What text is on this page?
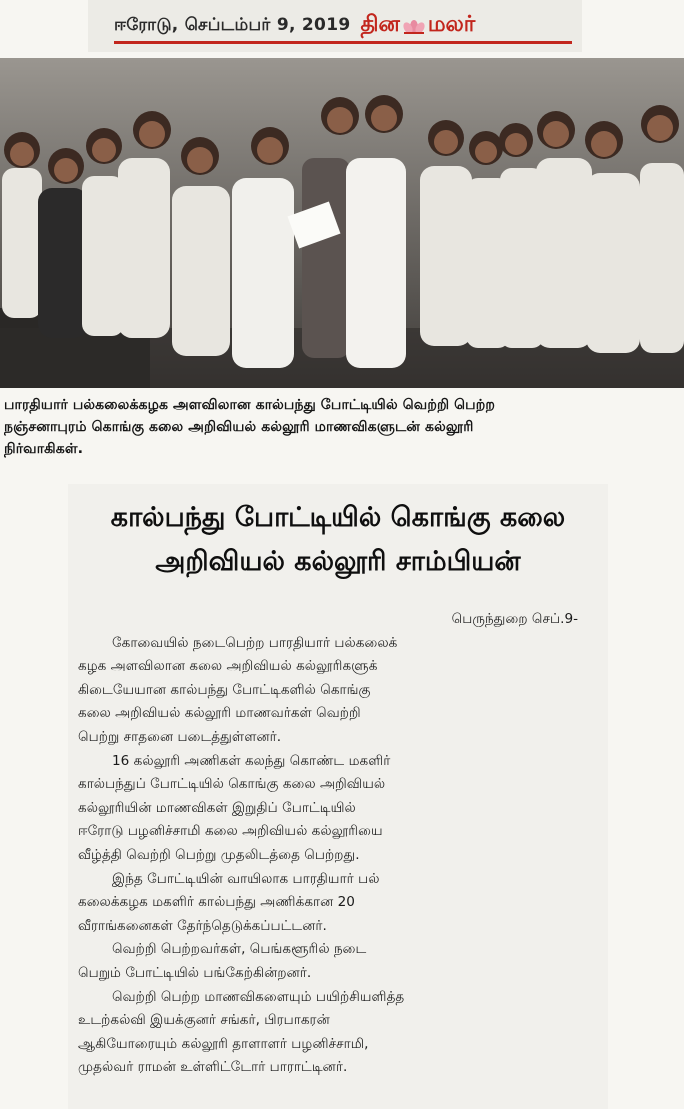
ஈரோடு, செப்டம்பர் 9, 2019 தின மலர்
பாரதியார் பல்கலைக்கழக அளவிலான கால்பந்து போட்டியில் வெற்றி பெற்ற
நஞ்சனாபுரம் கொங்கு கலை அறிவியல் கல்லூரி மாணவிகளுடன் கல்லூரி
நிர்வாகிகள்.
கால்பந்து போட்டியில் கொங்கு கலை
அறிவியல் கல்லூரி சாம்பியன்
பெருந்துறை செப்.9-
கோவையில் நடைபெற்ற பாரதியார் பல்கலைக்
கழக அளவிலான கலை அறிவியல் கல்லூரிகளுக்
கிடையேயான கால்பந்து போட்டிகளில் கொங்கு
கலை அறிவியல் கல்லூரி மாணவர்கள் வெற்றி
பெற்று சாதனை படைத்துள்ளனர்.
16 கல்லூரி அணிகள் கலந்து கொண்ட மகளிர்
கால்பந்துப் போட்டியில் கொங்கு கலை அறிவியல்
கல்லூரியின் மாணவிகள் இறுதிப் போட்டியில்
ஈரோடு பழனிச்சாமி கலை அறிவியல் கல்லூரியை
வீழ்த்தி வெற்றி பெற்று முதலிடத்தை பெற்றது.
இந்த போட்டியின் வாயிலாக பாரதியார் பல்
கலைக்கழக மகளிர் கால்பந்து அணிக்கான 20
வீராங்கனைகள் தேர்ந்தெடுக்கப்பட்டனர்.
வெற்றி பெற்றவர்கள், பெங்களூரில் நடை
பெறும் போட்டியில் பங்கேற்கின்றனர்.
வெற்றி பெற்ற மாணவிகளையும் பயிற்சியளித்த
உடற்கல்வி இயக்குனர் சங்கர், பிரபாகரன்
ஆகியோரையும் கல்லூரி தாளாளர் பழனிச்சாமி,
முதல்வர் ராமன் உள்ளிட்டோர் பாராட்டினர்.
